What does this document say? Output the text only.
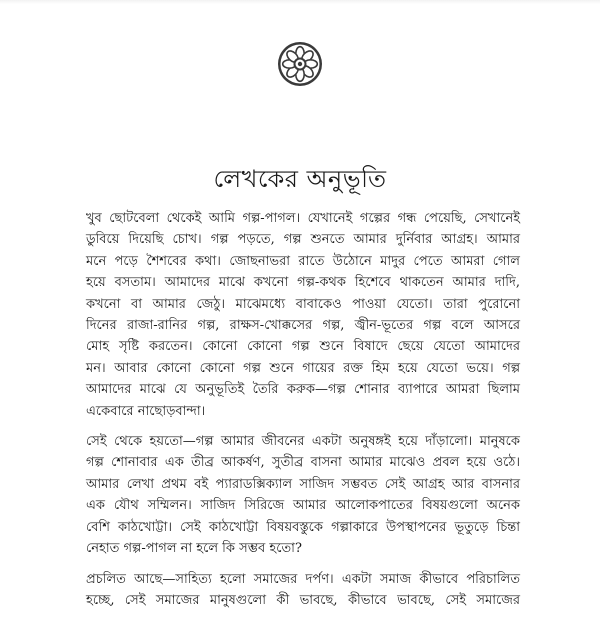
লেখকের অনুভূতি

খুব ছোটবেলা থেকেই আমি গল্প-পাগল। যেখানেই গল্পের গন্ধ পেয়েছি, সেখানেই
ডুবিয়ে দিয়েছি চোখ। গল্প পড়তে, গল্প শুনতে আমার দুর্নিবার আগ্রহ। আমার
মনে পড়ে শৈশবের কথা। জোছনাভরা রাতে উঠোনে মাদুর পেতে আমরা গোল
হয়ে বসতাম। আমাদের মাঝে কখনো গল্প-কথক হিশেবে থাকতেন আমার দাদি,
কখনো বা আমার জেঠু। মাঝেমধ্যে বাবাকেও পাওয়া যেতো। তারা পুরোনো
দিনের রাজা-রানির গল্প, রাক্ষস-খোক্কসের গল্প, জ্বীন-ভূতের গল্প বলে আসরে
মোহ সৃষ্টি করতেন। কোনো কোনো গল্প শুনে বিষাদে ছেয়ে যেতো আমাদের
মন। আবার কোনো কোনো গল্প শুনে গায়ের রক্ত হিম হয়ে যেতো ভয়ে। গল্প
আমাদের মাঝে যে অনুভূতিই তৈরি করুক—গল্প শোনার ব্যাপারে আমরা ছিলাম
একেবারে নাছোড়বান্দা।

সেই থেকে হয়তো—গল্প আমার জীবনের একটা অনুষঙ্গই হয়ে দাঁড়ালো। মানুষকে
গল্প শোনাবার এক তীব্র আকর্ষণ, সুতীব্র বাসনা আমার মাঝেও প্রবল হয়ে ওঠে।
আমার লেখা প্রথম বই প্যারাডক্সিক্যাল সাজিদ সম্ভবত সেই আগ্রহ আর বাসনার
এক যৌথ সম্মিলন। সাজিদ সিরিজে আমার আলোকপাতের বিষয়গুলো অনেক
বেশি কাঠখোট্টা। সেই কাঠখোট্টা বিষয়বস্তুকে গল্পাকারে উপস্থাপনের ভূতুড়ে চিন্তা
নেহাত গল্প-পাগল না হলে কি সম্ভব হতো?

প্রচলিত আছে—সাহিত্য হলো সমাজের দর্পণ। একটা সমাজ কীভাবে পরিচালিত
হচ্ছে, সেই সমাজের মানুষগুলো কী ভাবছে, কীভাবে ভাবছে, সেই সমাজের
